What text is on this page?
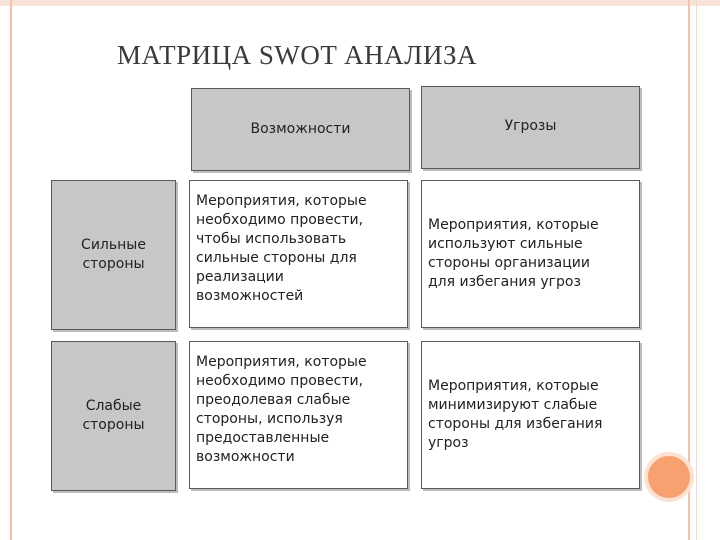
МАТРИЦА SWOT АНАЛИЗА
Возможности	Угрозы
Сильные
стороны
Слабые
стороны
Мероприятия, которые
необходимо провести,
чтобы использовать
сильные стороны для
реализации
возможностей
Мероприятия, которые
используют сильные
стороны организации
для избегания угроз
Мероприятия, которые
необходимо провести,
преодолевая слабые
стороны, используя
предоставленные
возможности
Мероприятия, которые
минимизируют слабые
стороны для избегания
угроз
